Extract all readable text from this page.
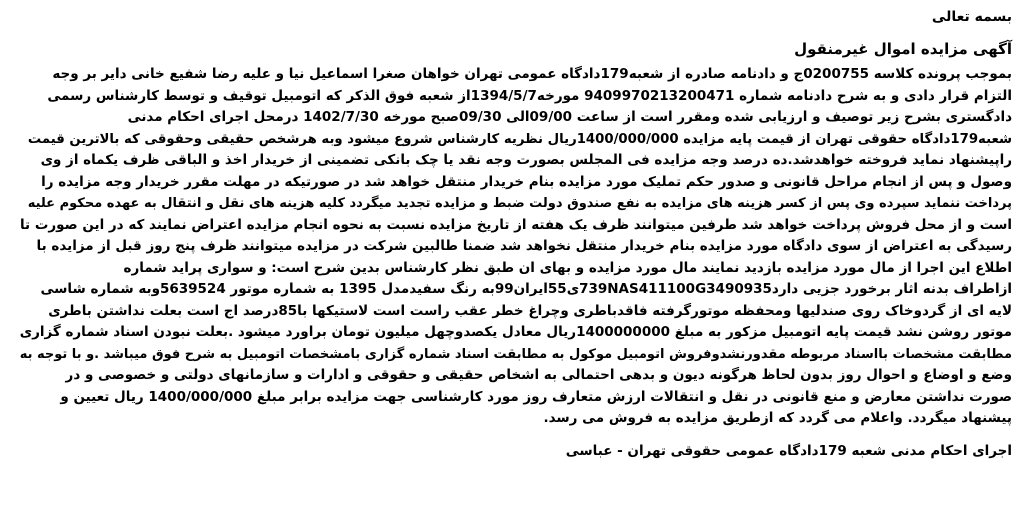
بسمه تعالی
آگهی مزایده اموال غیرمنقول
بموجب پرونده کلاسه 0200755ج و دادنامه صادره از شعبه179دادگاه عمومی تهران خواهان صغرا اسماعیل نیا و علیه رضا شفیع خانی دایر بر وجه
التزام قرار دادی و به شرح دادنامه شماره 9409970213200471 مورخه1394/5/7از شعبه فوق الذکر که اتومبیل توقیف و توسط کارشناس رسمی
دادگستری بشرح زیر توصیف و ارزیابی شده ومقرر است از ساعت 09/00الی 09/30صبح مورخه 1402/7/30 درمحل اجرای احکام مدنی
شعبه179دادگاه حقوقی تهران از قیمت پایه مزایده 1400/000/000ریال نظریه کارشناس شروع میشود وبه هرشخص حقیقی وحقوقی که بالاترین قیمت
راپیشنهاد نماید فروخته خواهدشد.ده درصد وجه مزایده فی المجلس بصورت وجه نقد یا چک بانکی تضمینی از خریدار اخذ و الباقی ظرف یکماه از وی
وصول و پس از انجام مراحل قانونی و صدور حکم تملیک مورد مزایده بنام خریدار منتقل خواهد شد در صورتیکه در مهلت مقرر خریدار وجه مزایده را
پرداخت ننماید سپرده وی پس از کسر هزینه های مزایده به نفع صندوق دولت ضبط و مزایده تجدید میگردد کلیه هزینه های نقل و انتقال به عهده محکوم علیه
است و از محل فروش پرداخت خواهد شد طرفین میتوانند ظرف یک هفته از تاریخ مزایده نسبت به نحوه انجام مزایده اعتراض نمایند که در این صورت تا
رسیدگی به اعتراض از سوی دادگاه مورد مزایده بنام خریدار منتقل نخواهد شد ضمنا طالبین شرکت در مزایده میتوانند ظرف پنج روز قبل از مزایده با
اطلاع این اجرا از مال مورد مزایده بازدید نمایند مال مورد مزایده و بهای ان طبق نظر کارشناس بدین شرح است: و سواری پراید شماره
ازاطراف بدنه اثار برخورد جزیی دارد739NAS411100G3490935ی55ایران99به رنگ سفیدمدل 1395 به شماره موتور 5639524وبه شماره شاسی
لایه ای از گردوخاک روی صندلیها ومحفظه موتورگرفته فاقدباطری وچراغ خطر عقب راست است لاستیکها با85درصد اج است بعلت نداشتن باطری
موتور روشن نشد قیمت پایه اتومبیل مزکور به مبلغ 1400000000ریال معادل یکصدوچهل میلیون تومان براورد میشود .بعلت نبودن اسناد شماره گزاری
مطابقت مشخصات بااسناد مربوطه مقدورنشدوفروش اتومبیل موکول به مطابقت اسناد شماره گزاری بامشخصات اتومبیل به شرح فوق میباشد .و با توجه به
وضع و اوضاع و احوال روز بدون لحاظ هرگونه دیون و بدهی احتمالی به اشخاص حقیقی و حقوقی و ادارات و سازمانهای دولتی و خصوصی و در
صورت نداشتن معارض و منع قانونی در نقل و انتقالات ارزش متعارف روز مورد کارشناسی جهت مزایده برابر مبلغ 1400/000/000 ریال تعیین و
پیشنهاد میگردد. واعلام می گردد که ازطریق مزایده به فروش می رسد.
اجرای احکام مدنی شعبه 179دادگاه عمومی حقوقی تهران - عباسی
